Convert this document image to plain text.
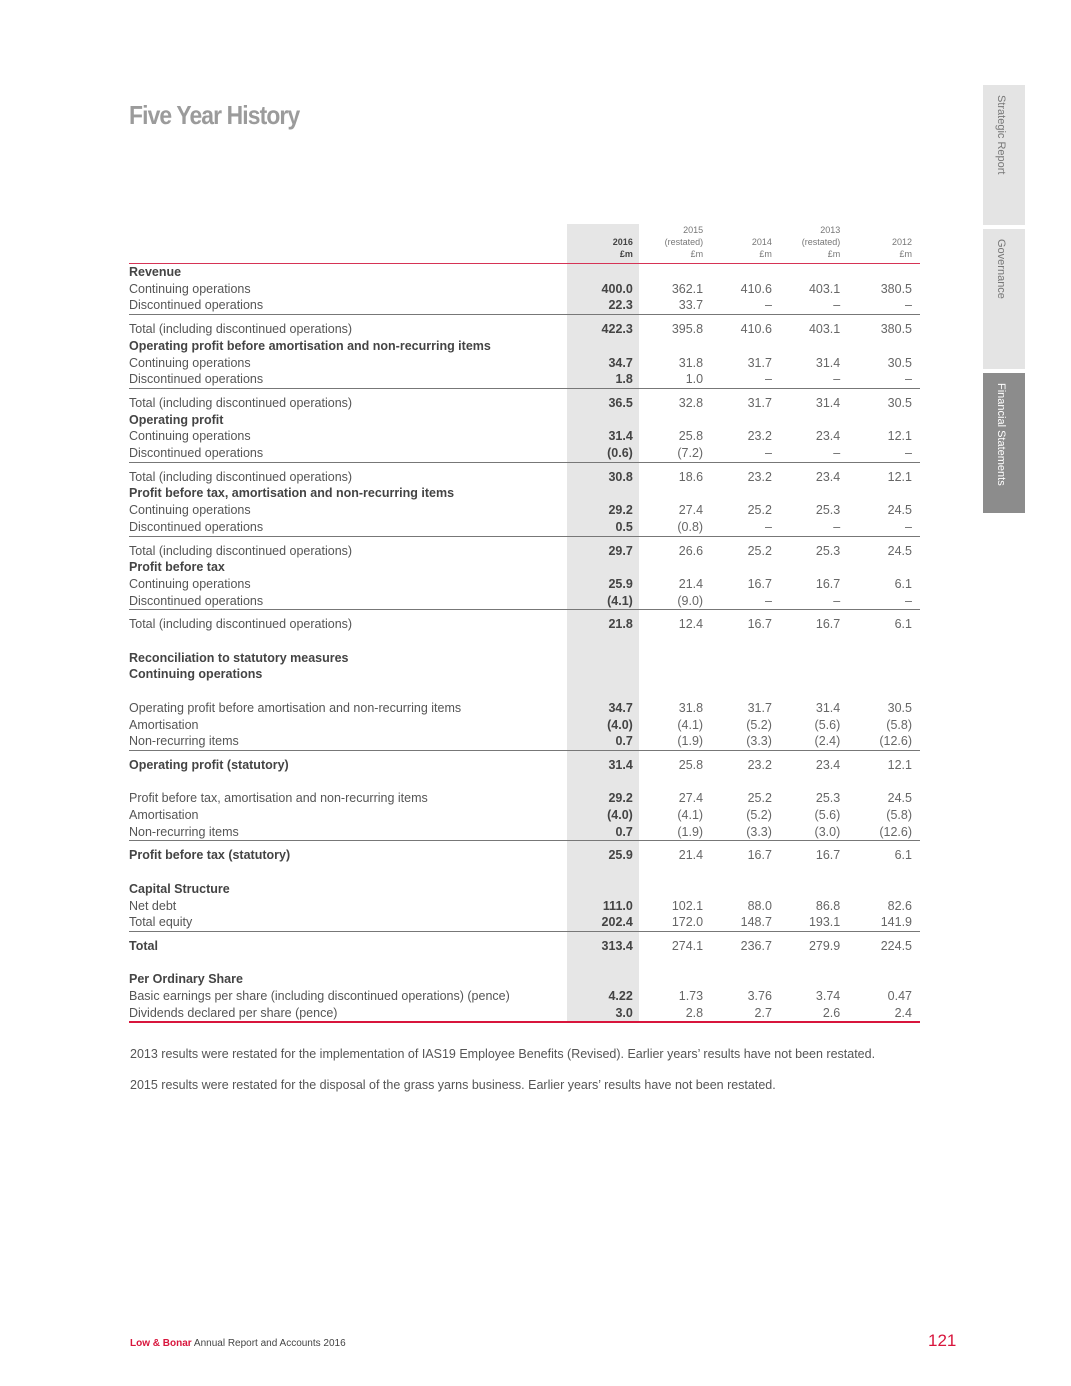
Five Year History	Strategic Report
Governance
Financial Statements
		2015		2013	
	2016	(restated)	2014	(restated)	2012
	£m	£m	£m	£m	£m
Revenue					
Continuing operations	400.0	362.1	410.6	403.1	380.5
Discontinued operations	22.3	33.7	–	–	–
Total (including discontinued operations)	422.3	395.8	410.6	403.1	380.5
Operating profit before amortisation and non-recurring items					
Continuing operations	34.7	31.8	31.7	31.4	30.5
Discontinued operations	1.8	1.0	–	–	–
Total (including discontinued operations)	36.5	32.8	31.7	31.4	30.5
Operating profit					
Continuing operations	31.4	25.8	23.2	23.4	12.1
Discontinued operations	(0.6)	(7.2)	–	–	–
Total (including discontinued operations)	30.8	18.6	23.2	23.4	12.1
Profit before tax, amortisation and non-recurring items					
Continuing operations	29.2	27.4	25.2	25.3	24.5
Discontinued operations	0.5	(0.8)	–	–	–
Total (including discontinued operations)	29.7	26.6	25.2	25.3	24.5
Profit before tax					
Continuing operations	25.9	21.4	16.7	16.7	6.1
Discontinued operations	(4.1)	(9.0)	–	–	–
Total (including discontinued operations)	21.8	12.4	16.7	16.7	6.1

Reconciliation to statutory measures					
Continuing operations					

Operating profit before amortisation and non-recurring items	34.7	31.8	31.7	31.4	30.5
Amortisation	(4.0)	(4.1)	(5.2)	(5.6)	(5.8)
Non-recurring items	0.7	(1.9)	(3.3)	(2.4)	(12.6)
Operating profit (statutory)	31.4	25.8	23.2	23.4	12.1

Profit before tax, amortisation and non-recurring items	29.2	27.4	25.2	25.3	24.5
Amortisation	(4.0)	(4.1)	(5.2)	(5.6)	(5.8)
Non-recurring items	0.7	(1.9)	(3.3)	(3.0)	(12.6)
Profit before tax (statutory)	25.9	21.4	16.7	16.7	6.1

Capital Structure					
Net debt	111.0	102.1	88.0	86.8	82.6
Total equity	202.4	172.0	148.7	193.1	141.9
Total	313.4	274.1	236.7	279.9	224.5

Per Ordinary Share					
Basic earnings per share (including discontinued operations) (pence)	4.22	1.73	3.76	3.74	0.47
Dividends declared per share (pence)	3.0	2.8	2.7	2.6	2.4
2013 results were restated for the implementation of IAS19 Employee Benefits (Revised). Earlier years’ results have not been restated.
2015 results were restated for the disposal of the grass yarns business. Earlier years’ results have not been restated.
Low & Bonar Annual Report and Accounts 2016	121
